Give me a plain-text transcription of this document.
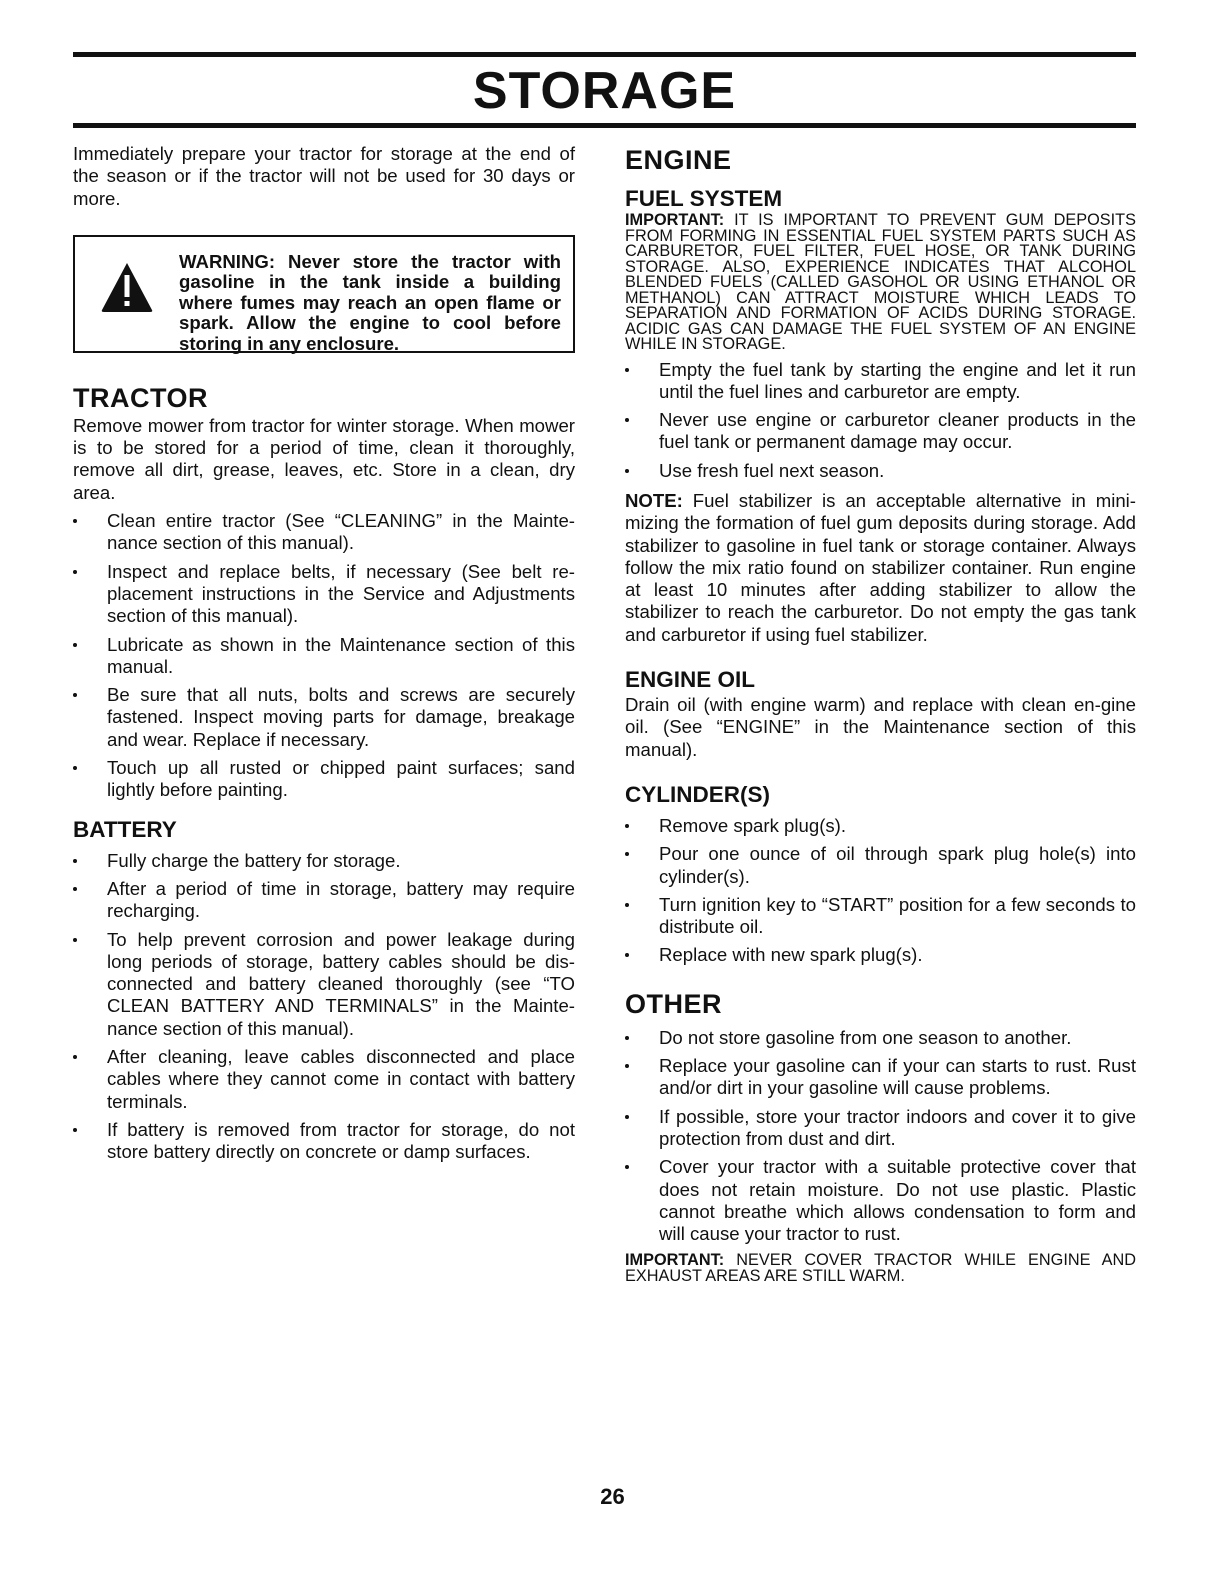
STORAGE

Immediately prepare your tractor for storage at the end of the season or if the tractor will not be used for 30 days or more.

WARNING: Never store the tractor with gasoline in the tank inside a building where fumes may reach an open flame or spark. Allow the engine to cool before storing in any enclosure.
TRACTOR

Remove mower from tractor for winter storage. When mower is to be stored for a period of time, clean it thoroughly, remove all dirt, grease, leaves, etc. Store in a clean, dry area.

Clean entire tractor (See “CLEANING” in the Mainte-nance section of this manual).
Inspect and replace belts, if necessary (See belt re-placement instructions in the Service and Adjustments section of this manual).
Lubricate as shown in the Maintenance section of this manual.
Be sure that all nuts, bolts and screws are securely fastened. Inspect moving parts for damage, breakage and wear. Replace if necessary.
Touch up all rusted or chipped paint surfaces; sand lightly before painting.
BATTERY
Fully charge the battery for storage.
After a period of time in storage, battery may require recharging.
To help prevent corrosion and power leakage during long periods of storage, battery cables should be dis-connected and battery cleaned thoroughly (see “TO CLEAN BATTERY AND TERMINALS” in the Mainte-nance section of this manual).
After cleaning, leave cables disconnected and place cables where they cannot come in contact with battery terminals.
If battery is removed from tractor for storage, do not store battery directly on concrete or damp surfaces.
ENGINE
FUEL SYSTEM

IMPORTANT: IT IS IMPORTANT TO PREVENT GUM DEPOSITS FROM FORMING IN ESSENTIAL FUEL SYSTEM PARTS SUCH AS CARBURETOR, FUEL FILTER, FUEL HOSE, OR TANK DURING STORAGE. ALSO, EXPERIENCE INDICATES THAT ALCOHOL BLENDED FUELS (CALLED GASOHOL OR USING ETHANOL OR METHANOL) CAN ATTRACT MOISTURE WHICH LEADS TO SEPARATION AND FORMATION OF ACIDS DURING STORAGE. ACIDIC GAS CAN DAMAGE THE FUEL SYSTEM OF AN ENGINE WHILE IN STORAGE.

Empty the fuel tank by starting the engine and let it run until the fuel lines and carburetor are empty.
Never use engine or carburetor cleaner products in the fuel tank or permanent damage may occur.
Use fresh fuel next season.

NOTE: Fuel stabilizer is an acceptable alternative in mini-mizing the formation of fuel gum deposits during storage. Add stabilizer to gasoline in fuel tank or storage container. Always follow the mix ratio found on stabilizer container. Run engine at least 10 minutes after adding stabilizer to allow the stabilizer to reach the carburetor. Do not empty the gas tank and carburetor if using fuel stabilizer.

ENGINE OIL

Drain oil (with engine warm) and replace with clean en-gine oil. (See “ENGINE” in the Maintenance section of this manual).

CYLINDER(S)
Remove spark plug(s).
Pour one ounce of oil through spark plug hole(s) into cylinder(s).
Turn ignition key to “START” position for a few seconds to distribute oil.
Replace with new spark plug(s).
OTHER
Do not store gasoline from one season to another.
Replace your gasoline can if your can starts to rust. Rust and/or dirt in your gasoline will cause problems.
If possible, store your tractor indoors and cover it to give protection from dust and dirt.
Cover your tractor with a suitable protective cover that does not retain moisture. Do not use plastic. Plastic cannot breathe which allows condensation to form and will cause your tractor to rust.

IMPORTANT: NEVER COVER TRACTOR WHILE ENGINE AND EXHAUST AREAS ARE STILL WARM.

26
